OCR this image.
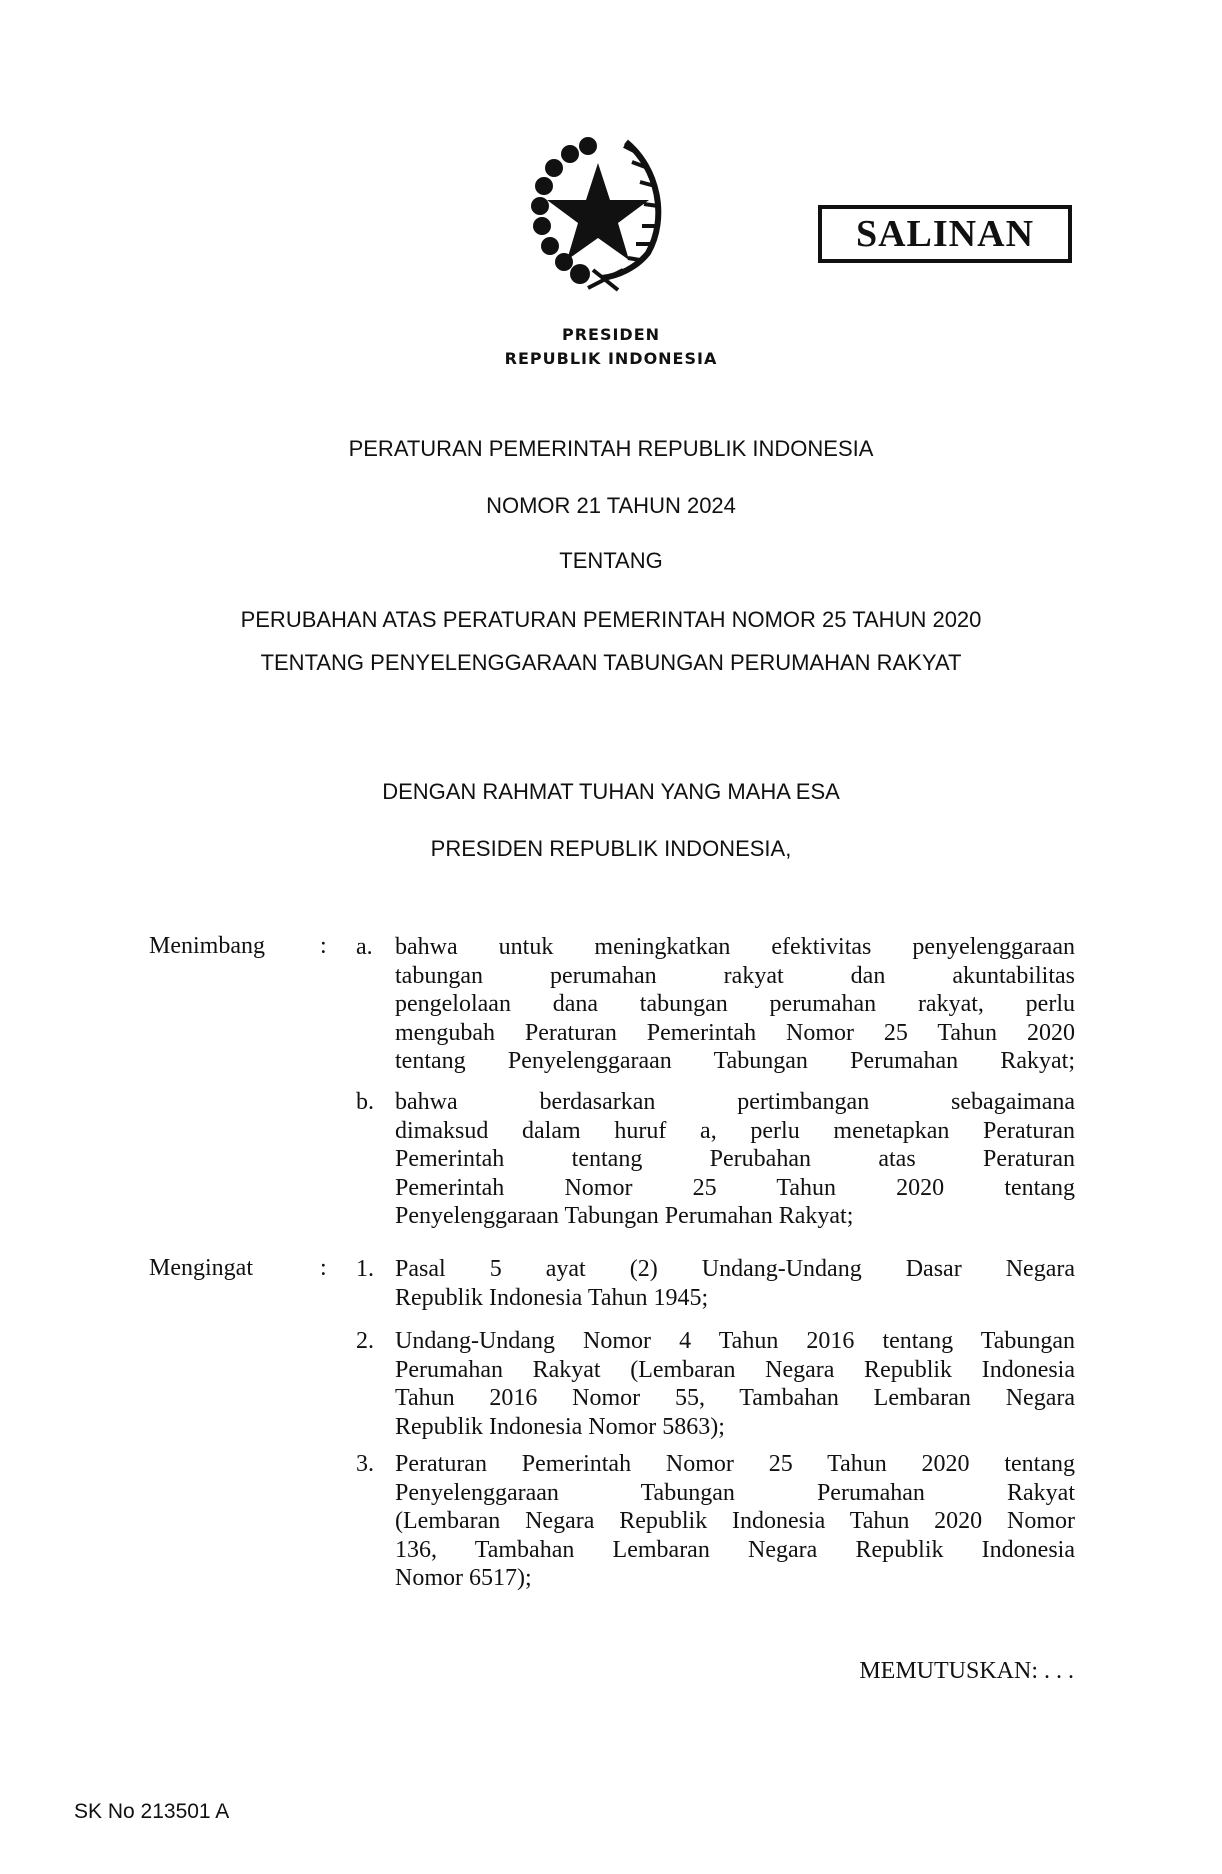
SALINAN
PRESIDEN
REPUBLIK INDONESIA
PERATURAN PEMERINTAH REPUBLIK INDONESIA
NOMOR 21 TAHUN 2024
TENTANG
PERUBAHAN ATAS PERATURAN PEMERINTAH NOMOR 25 TAHUN 2020
TENTANG PENYELENGGARAAN TABUNGAN PERUMAHAN RAKYAT
DENGAN RAHMAT TUHAN YANG MAHA ESA
PRESIDEN REPUBLIK INDONESIA,
Menimbang : a. bahwa untuk meningkatkan efektivitas penyelenggaraan
tabungan perumahan rakyat dan akuntabilitas
pengelolaan dana tabungan perumahan rakyat, perlu
mengubah Peraturan Pemerintah Nomor 25 Tahun 2020
tentang Penyelenggaraan Tabungan Perumahan Rakyat;
b. bahwa berdasarkan pertimbangan sebagaimana
dimaksud dalam huruf a, perlu menetapkan Peraturan
Pemerintah tentang Perubahan atas Peraturan
Pemerintah Nomor 25 Tahun 2020 tentang
Penyelenggaraan Tabungan Perumahan Rakyat;
Mengingat	: 1. Pasal 5 ayat (2) Undang-Undang Dasar Negara
Republik Indonesia Tahun 1945;
2. Undang-Undang Nomor 4 Tahun 2016 tentang Tabungan
Perumahan Rakyat (Lembaran Negara Republik Indonesia
Tahun 2016 Nomor 55, Tambahan Lembaran Negara
Republik Indonesia Nomor 5863);
3. Peraturan Pemerintah Nomor 25 Tahun 2020 tentang
Penyelenggaraan Tabungan Perumahan Rakyat
(Lembaran Negara Republik Indonesia Tahun 2020 Nomor
136, Tambahan Lembaran Negara Republik Indonesia
Nomor 6517);
MEMUTUSKAN: . . .
SK No 213501 A
